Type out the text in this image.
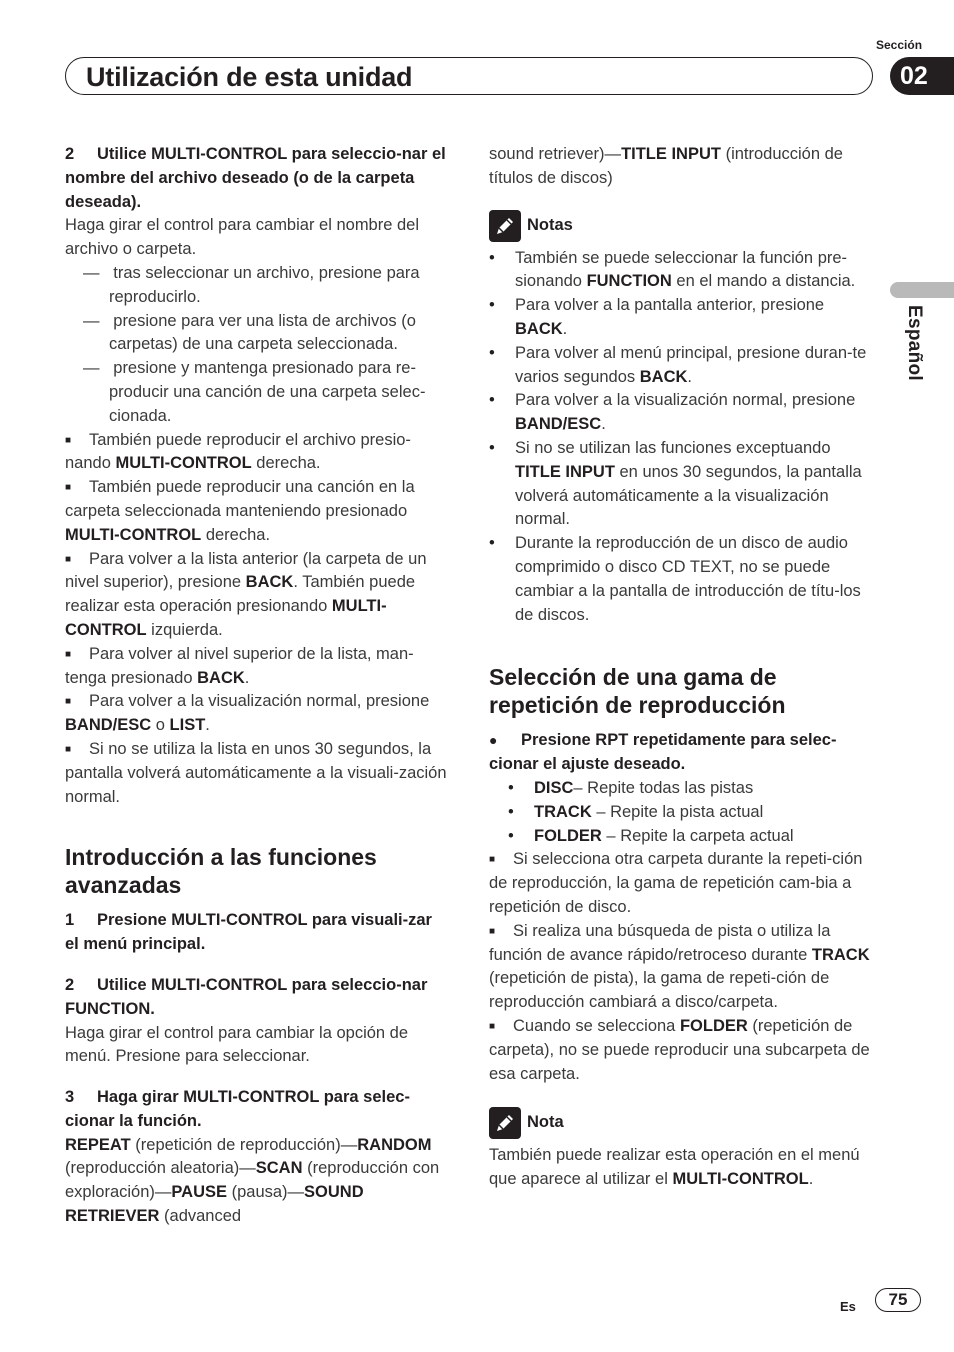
Sección
Utilización de esta unidad	02
Español

2 Utilice MULTI-CONTROL para seleccio-nar el nombre del archivo deseado (o de la carpeta deseada).

Haga girar el control para cambiar el nombre del archivo o carpeta.

—   tras seleccionar un archivo, presione para reproducirlo.

—   presione para ver una lista de archivos (o carpetas) de una carpeta seleccionada.

—   presione y mantenga presionado para re-producir una canción de una carpeta selec-cionada.

■ También puede reproducir el archivo presio-nando MULTI-CONTROL derecha.

■ También puede reproducir una canción en la carpeta seleccionada manteniendo presionado MULTI-CONTROL derecha.

■ Para volver a la lista anterior (la carpeta de un nivel superior), presione BACK. También puede realizar esta operación presionando MULTI-CONTROL izquierda.

■ Para volver al nivel superior de la lista, man-tenga presionado BACK.

■ Para volver a la visualización normal, presione BAND/ESC o LIST.

■ Si no se utiliza la lista en unos 30 segundos, la pantalla volverá automáticamente a la visuali-zación normal.

Introducción a las funciones avanzadas

1 Presione MULTI-CONTROL para visuali-zar el menú principal.

2 Utilice MULTI-CONTROL para seleccio-nar FUNCTION.

Haga girar el control para cambiar la opción de menú. Presione para seleccionar.

3 Haga girar MULTI-CONTROL para selec-cionar la función.

REPEAT (repetición de reproducción)—RANDOM (reproducción aleatoria)—SCAN (reproducción con exploración)—PAUSE (pausa)—SOUND RETRIEVER (advanced

sound retriever)—TITLE INPUT (introducción de títulos de discos)

Notas

• También se puede seleccionar la función pre-sionando FUNCTION en el mando a distancia.

• Para volver a la pantalla anterior, presione BACK.

• Para volver al menú principal, presione duran-te varios segundos BACK.

• Para volver a la visualización normal, presione BAND/ESC.

• Si no se utilizan las funciones exceptuando TITLE INPUT en unos 30 segundos, la pantalla volverá automáticamente a la visualización normal.

• Durante la reproducción de un disco de audio comprimido o disco CD TEXT, no se puede cambiar a la pantalla de introducción de títu-los de discos.

Selección de una gama de repetición de reproducción

● Presione RPT repetidamente para selec-cionar el ajuste deseado.

• DISC– Repite todas las pistas

• TRACK – Repite la pista actual

• FOLDER – Repite la carpeta actual

■ Si selecciona otra carpeta durante la repeti-ción de reproducción, la gama de repetición cam-bia a repetición de disco.

■ Si realiza una búsqueda de pista o utiliza la función de avance rápido/retroceso durante TRACK (repetición de pista), la gama de repeti-ción de reproducción cambiará a disco/carpeta.

■ Cuando se selecciona FOLDER (repetición de carpeta), no se puede reproducir una subcarpeta de esa carpeta.

Nota

También puede realizar esta operación en el menú que aparece al utilizar el MULTI-CONTROL.

Es	75
